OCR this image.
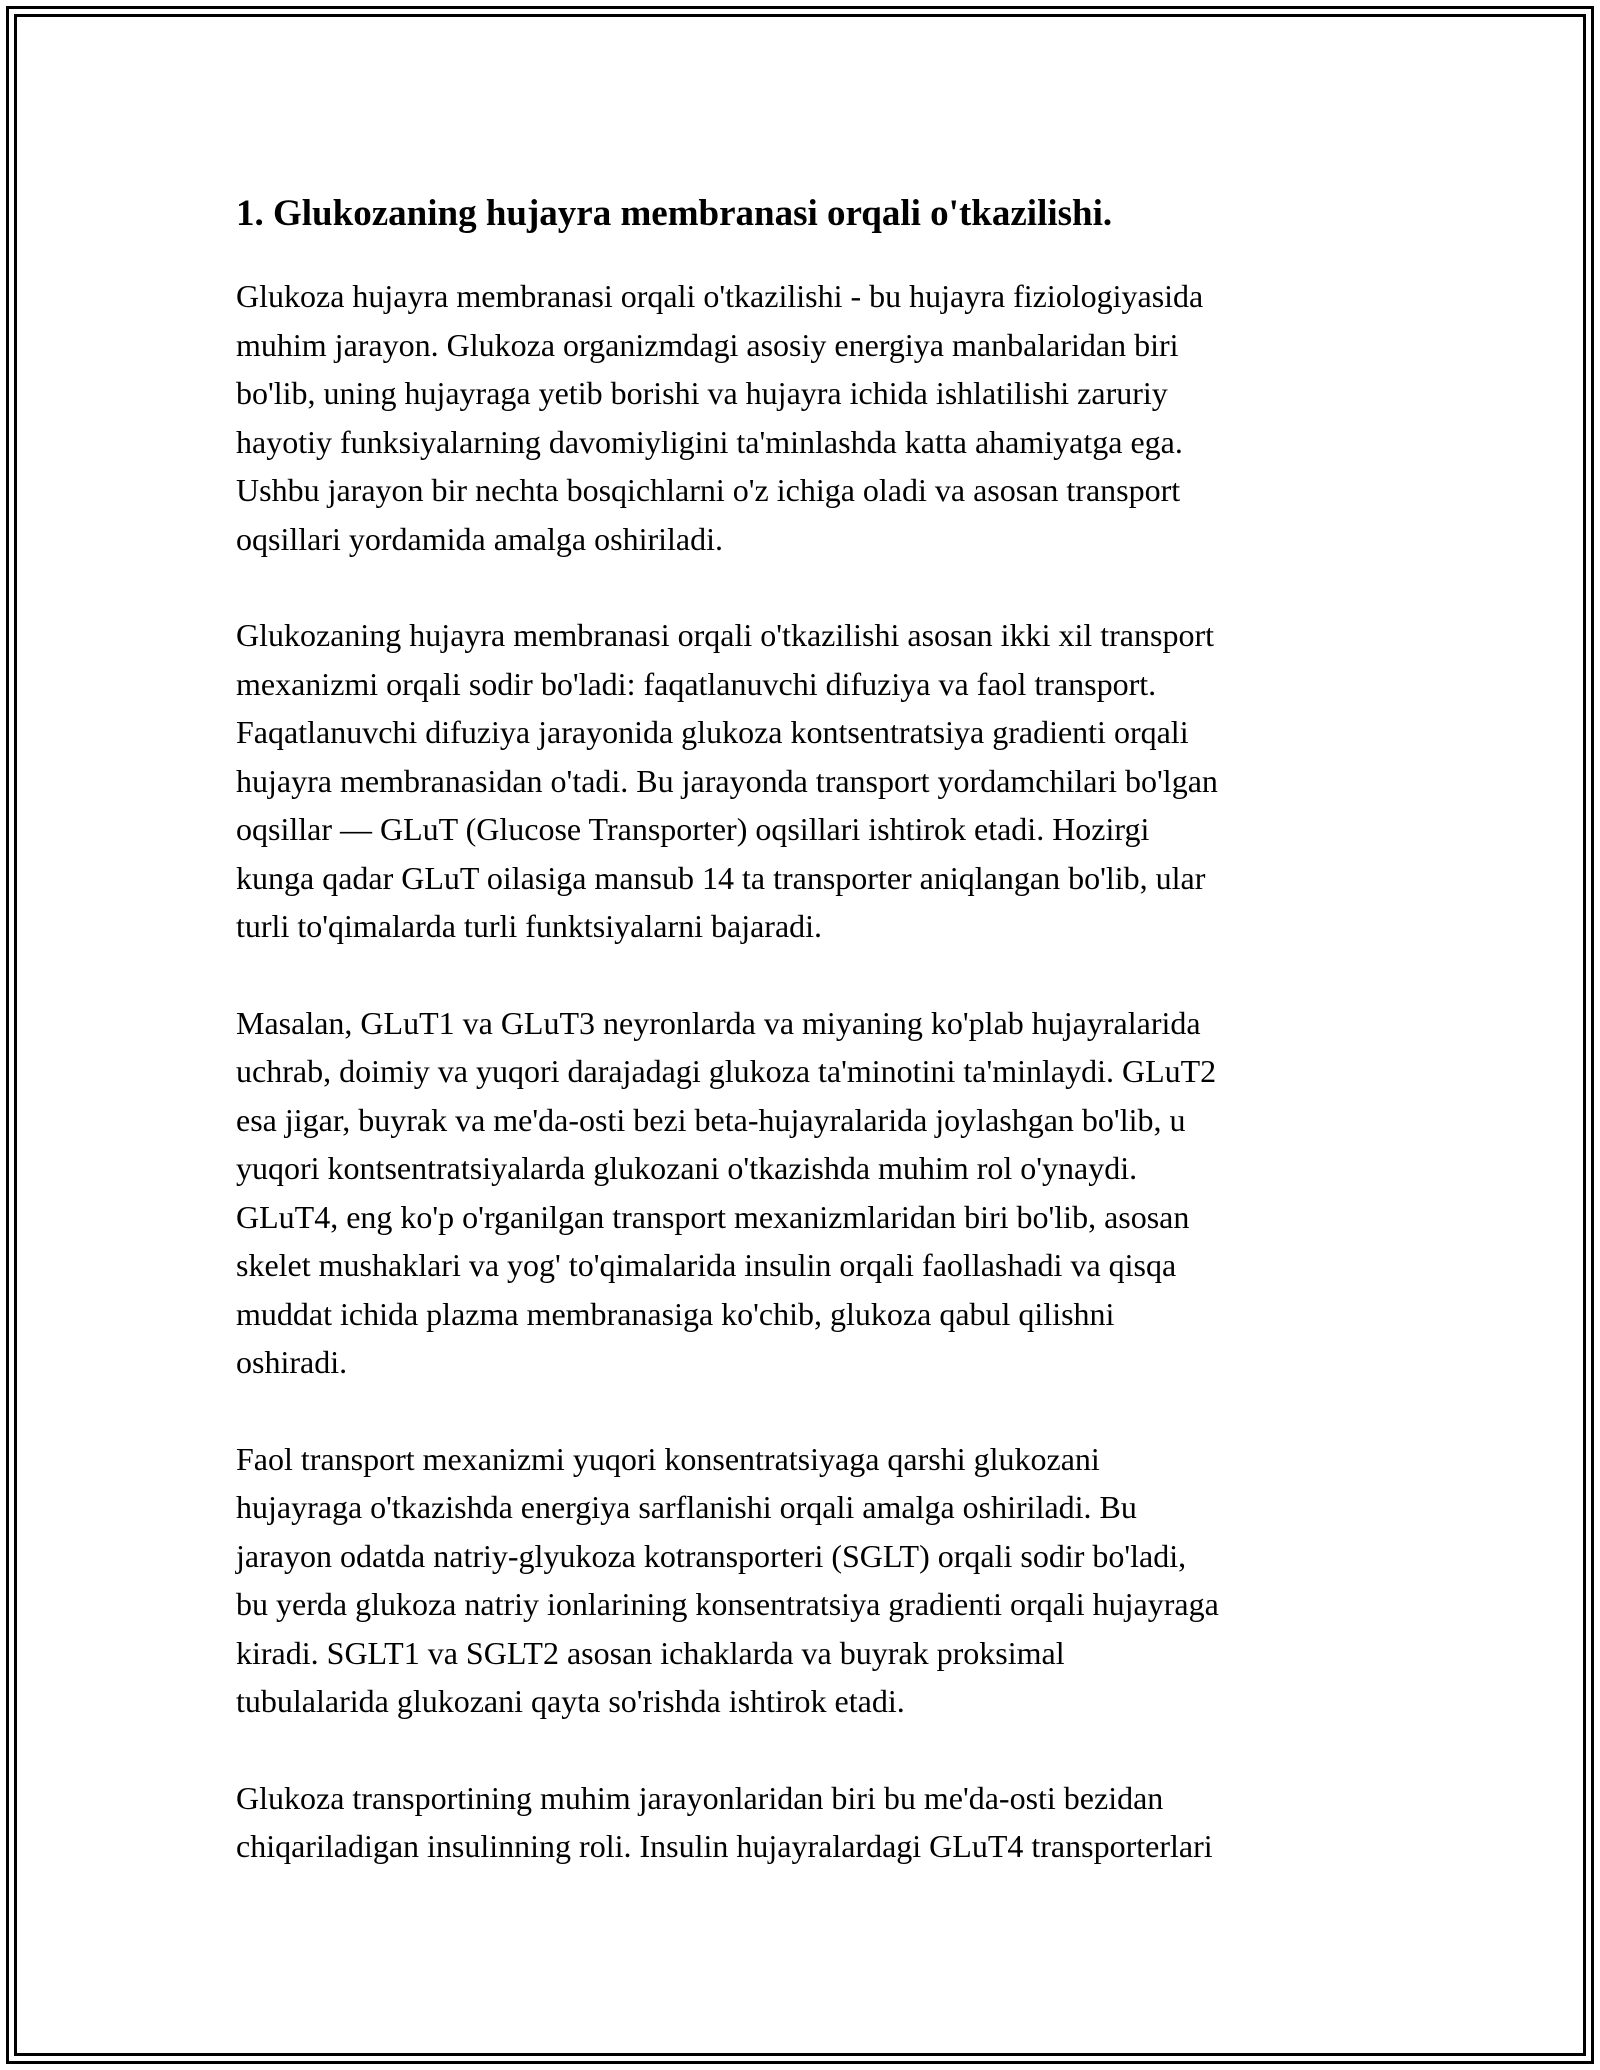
1. Glukozaning hujayra membranasi orqali o'tkazilishi.

Glukoza hujayra membranasi orqali o'tkazilishi - bu hujayra fiziologiyasida
muhim jarayon. Glukoza organizmdagi asosiy energiya manbalaridan biri
bo'lib, uning hujayraga yetib borishi va hujayra ichida ishlatilishi zaruriy
hayotiy funksiyalarning davomiyligini ta'minlashda katta ahamiyatga ega.
Ushbu jarayon bir nechta bosqichlarni o'z ichiga oladi va asosan transport
oqsillari yordamida amalga oshiriladi.

Glukozaning hujayra membranasi orqali o'tkazilishi asosan ikki xil transport
mexanizmi orqali sodir bo'ladi: faqatlanuvchi difuziya va faol transport.
Faqatlanuvchi difuziya jarayonida glukoza kontsentratsiya gradienti orqali
hujayra membranasidan o'tadi. Bu jarayonda transport yordamchilari bo'lgan
oqsillar — GLuT (Glucose Transporter) oqsillari ishtirok etadi. Hozirgi
kunga qadar GLuT oilasiga mansub 14 ta transporter aniqlangan bo'lib, ular
turli to'qimalarda turli funktsiyalarni bajaradi.

Masalan, GLuT1 va GLuT3 neyronlarda va miyaning ko'plab hujayralarida
uchrab, doimiy va yuqori darajadagi glukoza ta'minotini ta'minlaydi. GLuT2
esa jigar, buyrak va me'da-osti bezi beta-hujayralarida joylashgan bo'lib, u
yuqori kontsentratsiyalarda glukozani o'tkazishda muhim rol o'ynaydi.
GLuT4, eng ko'p o'rganilgan transport mexanizmlaridan biri bo'lib, asosan
skelet mushaklari va yog' to'qimalarida insulin orqali faollashadi va qisqa
muddat ichida plazma membranasiga ko'chib, glukoza qabul qilishni
oshiradi.

Faol transport mexanizmi yuqori konsentratsiyaga qarshi glukozani
hujayraga o'tkazishda energiya sarflanishi orqali amalga oshiriladi. Bu
jarayon odatda natriy-glyukoza kotransporteri (SGLT) orqali sodir bo'ladi,
bu yerda glukoza natriy ionlarining konsentratsiya gradienti orqali hujayraga
kiradi. SGLT1 va SGLT2 asosan ichaklarda va buyrak proksimal
tubulalarida glukozani qayta so'rishda ishtirok etadi.

Glukoza transportining muhim jarayonlaridan biri bu me'da-osti bezidan
chiqariladigan insulinning roli. Insulin hujayralardagi GLuT4 transporterlari
